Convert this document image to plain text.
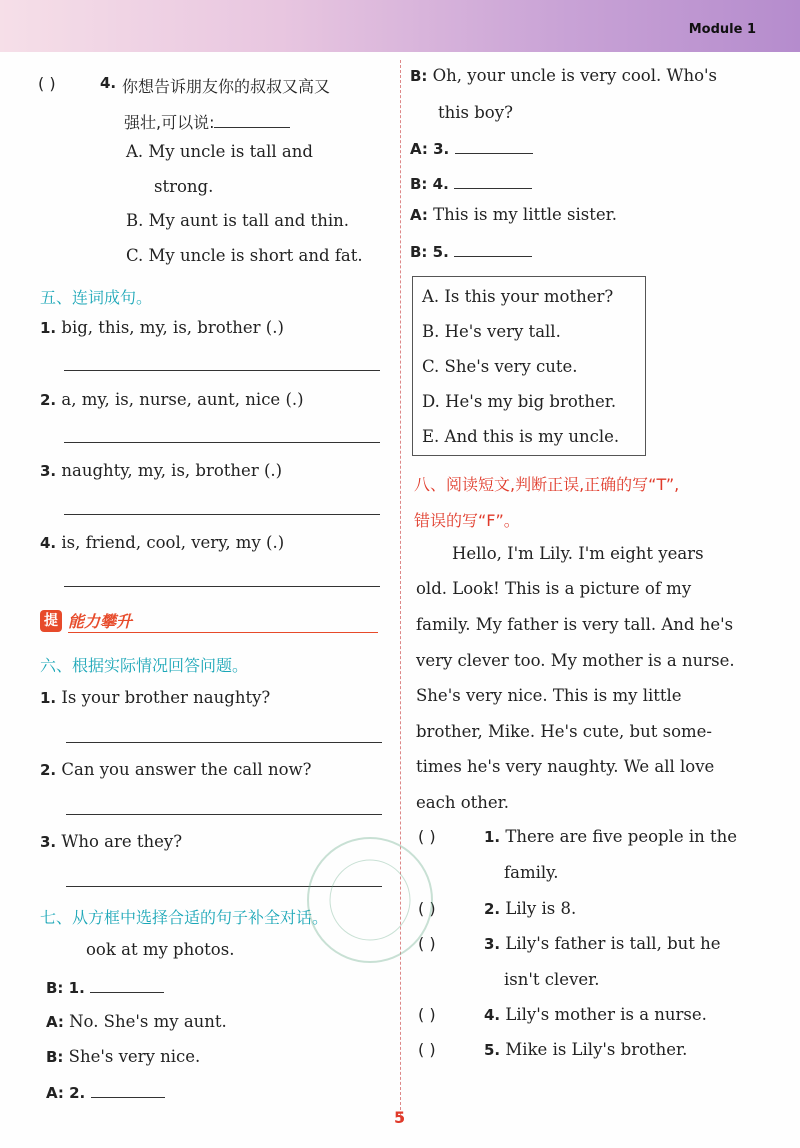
Module 1
( )	4. 你想告诉朋友你的叔叔又高又
强壮,可以说:
A. My uncle is tall and
strong.
B. My aunt is tall and thin.
C. My uncle is short and fat.
五、连词成句。
1. big, this, my, is, brother (.)
2. a, my, is, nurse, aunt, nice (.)
3. naughty, my, is, brother (.)
4. is, friend, cool, very, my (.)
提 能力攀升
六、根据实际情况回答问题。
1. Is your brother naughty?
2. Can you answer the call now?
3. Who are they?
七、从方框中选择合适的句子补全对话。
ook at my photos.
B: 1.
A: No. She's my aunt.
B: She's very nice.
A: 2.
B: Oh, your uncle is very cool. Who's
this boy?
A: 3.
B: 4.
A: This is my little sister.
B: 5.
A. Is this your mother?
B. He's very tall.
C. She's very cute.
D. He's my big brother.
E. And this is my uncle.
八、阅读短文,判断正误,正确的写“T”,
错误的写“F”。
Hello, I'm Lily. I'm eight years
old. Look! This is a picture of my
family. My father is very tall. And he's
very clever too. My mother is a nurse.
She's very nice. This is my little
brother, Mike. He's cute, but some-
times he's very naughty. We all love
each other.
( )	1. There are five people in the
family.
( )	2. Lily is 8.
( )	3. Lily's father is tall, but he
isn't clever.
( )	4. Lily's mother is a nurse.
( )	5. Mike is Lily's brother.
5
